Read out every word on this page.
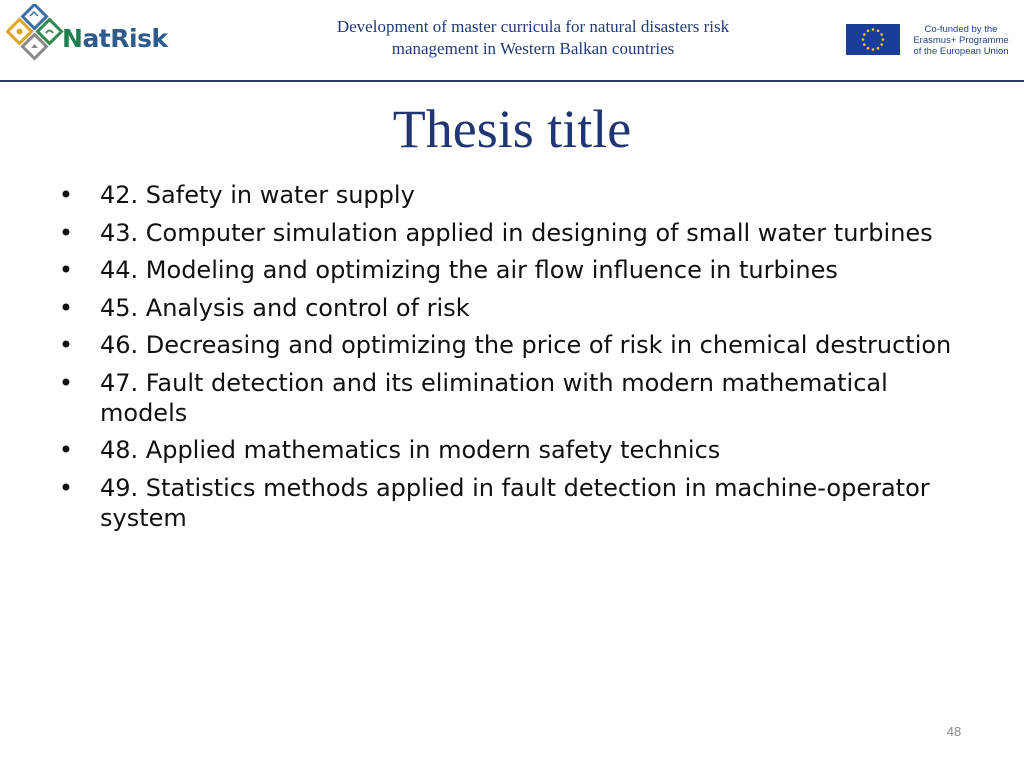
NatRisk	Development of master curricula for natural disasters risk
management in Western Balkan countries
Co-funded by the
Erasmus+ Programme
of the European Union
Thesis title
• 42. Safety in water supply
• 43. Computer simulation applied in designing of small water turbines
• 44. Modeling and optimizing the air flow influence in turbines
• 45. Analysis and control of risk
• 46. Decreasing and optimizing the price of risk in chemical destruction
• 47. Fault detection and its elimination with modern mathematical models
• 48. Applied mathematics in modern safety technics
• 49. Statistics methods applied in fault detection in machine-operator system
48
